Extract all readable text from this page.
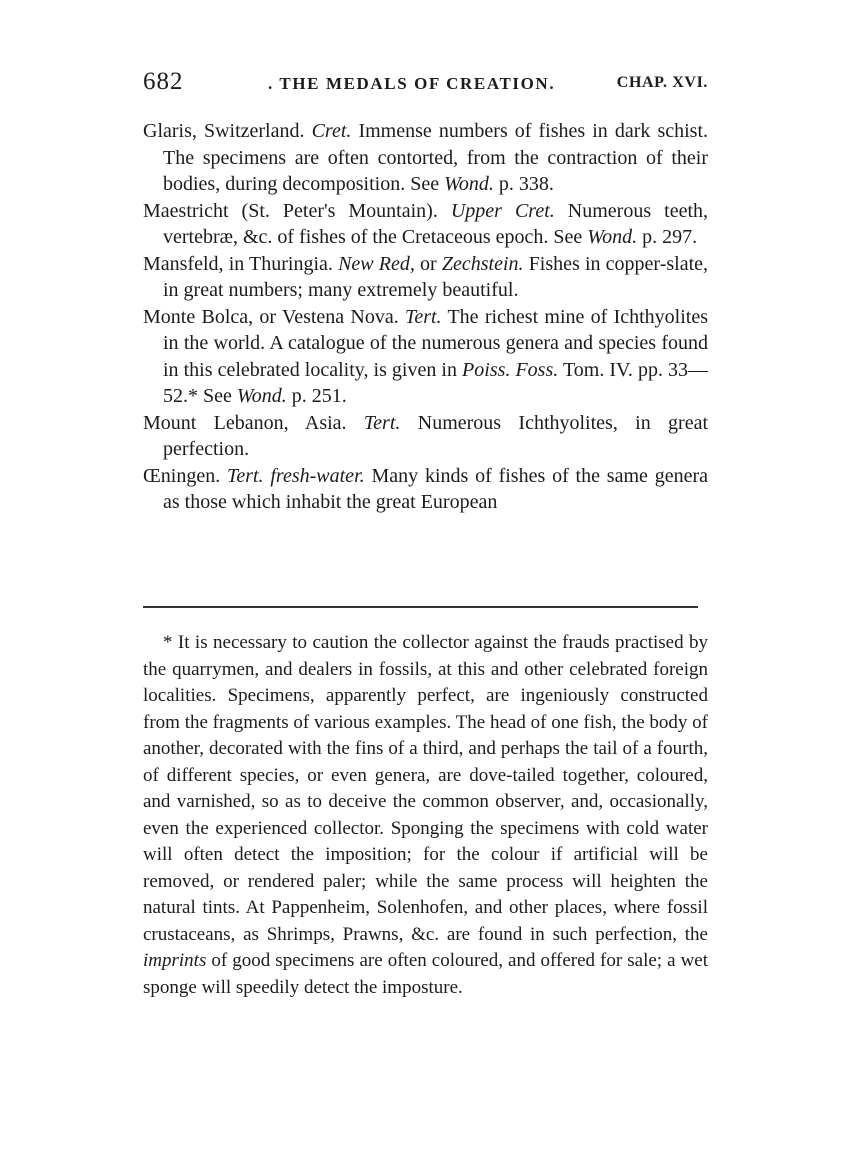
682	. THE MEDALS OF CREATION.	CHAP. XVI.

Glaris, Switzerland. Cret. Immense numbers of fishes in dark schist. The specimens are often contorted, from the contraction of their bodies, during decomposition. See Wond. p. 338.

Maestricht (St. Peter's Mountain). Upper Cret. Numerous teeth, vertebræ, &c. of fishes of the Cretaceous epoch. See Wond. p. 297.

Mansfeld, in Thuringia. New Red, or Zechstein. Fishes in copper-slate, in great numbers; many extremely beautiful.

Monte Bolca, or Vestena Nova. Tert. The richest mine of Ichthyolites in the world. A catalogue of the numerous genera and species found in this celebrated locality, is given in Poiss. Foss. Tom. IV. pp. 33—52.* See Wond. p. 251.

Mount Lebanon, Asia. Tert. Numerous Ichthyolites, in great perfection.

Œningen. Tert. fresh-water. Many kinds of fishes of the same genera as those which inhabit the great European

* It is necessary to caution the collector against the frauds practised by the quarrymen, and dealers in fossils, at this and other celebrated foreign localities. Specimens, apparently perfect, are ingeniously constructed from the fragments of various examples. The head of one fish, the body of another, decorated with the fins of a third, and perhaps the tail of a fourth, of different species, or even genera, are dove-tailed together, coloured, and varnished, so as to deceive the common observer, and, occasionally, even the experienced collector. Sponging the specimens with cold water will often detect the imposition; for the colour if artificial will be removed, or rendered paler; while the same process will heighten the natural tints. At Pappenheim, Solenhofen, and other places, where fossil crustaceans, as Shrimps, Prawns, &c. are found in such perfection, the imprints of good specimens are often coloured, and offered for sale; a wet sponge will speedily detect the imposture.
